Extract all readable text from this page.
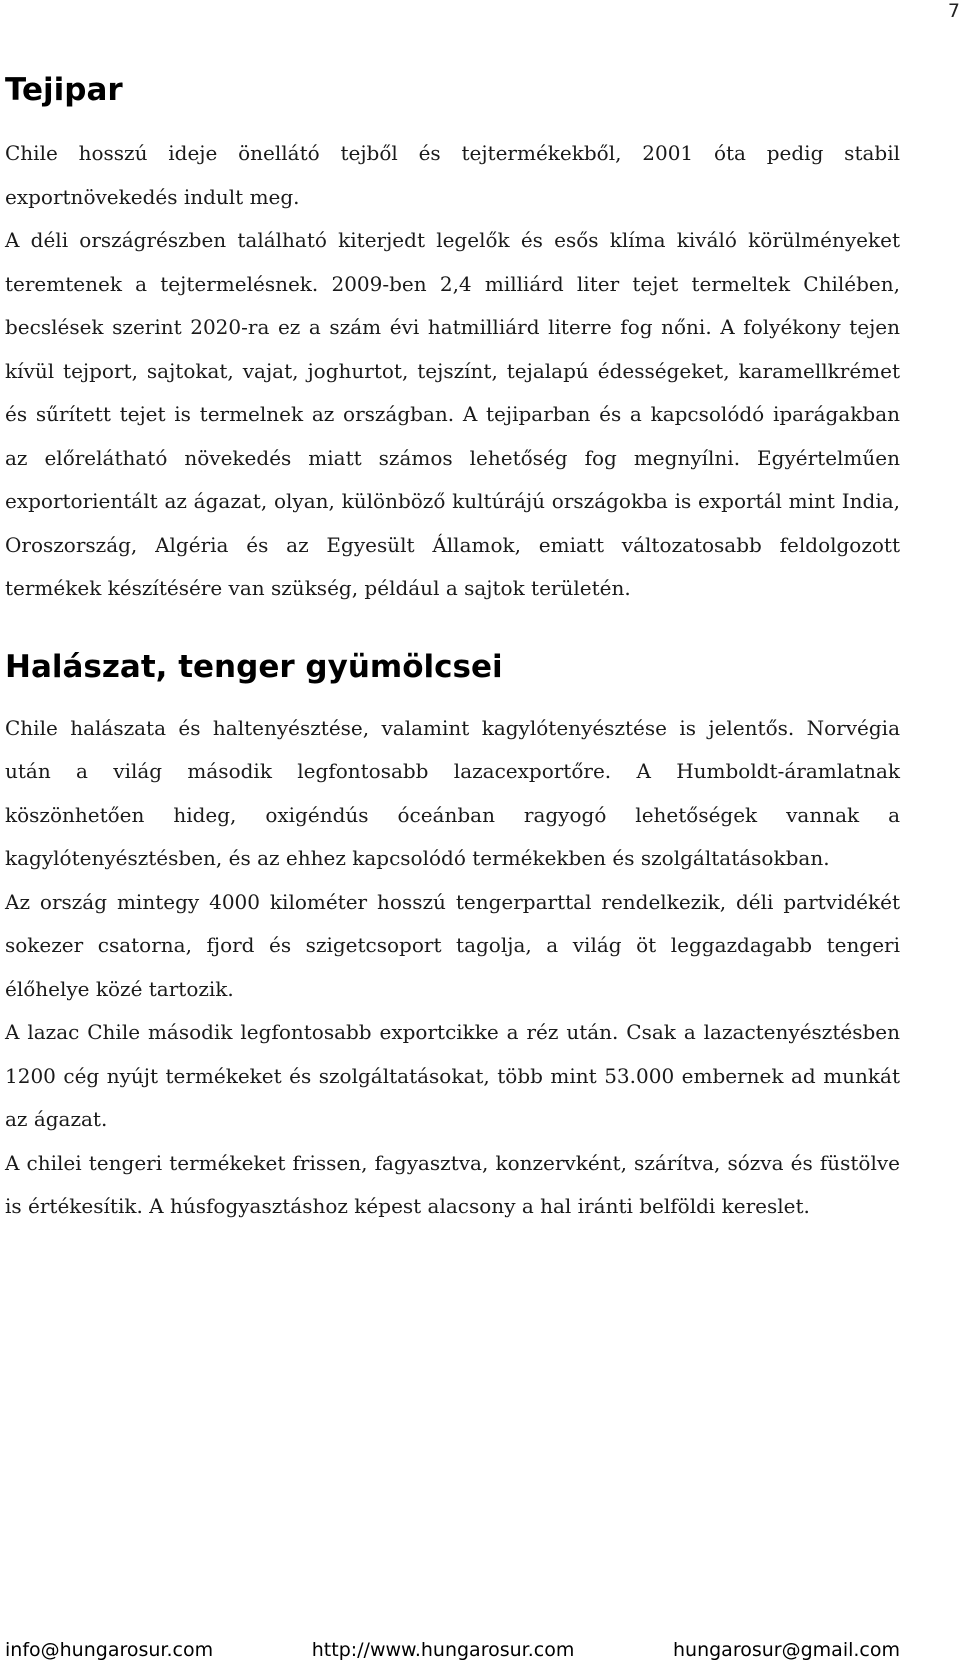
7
Tejipar

Chile hosszú ideje önellátó tejből és tejtermékekből, 2001 óta pedig stabil exportnövekedés indult meg.

A déli országrészben található kiterjedt legelők és esős klíma kiváló körülményeket teremtenek a tejtermelésnek. 2009-ben 2,4 milliárd liter tejet termeltek Chilében, becslések szerint 2020-ra ez a szám évi hatmilliárd literre fog nőni. A folyékony tejen kívül tejport, sajtokat, vajat, joghurtot, tejszínt, tejalapú édességeket, karamellkrémet és sűrített tejet is termelnek az országban. A tejiparban és a kapcsolódó iparágakban az előrelátható növekedés miatt számos lehetőség fog megnyílni. Egyértelműen exportorientált az ágazat, olyan, különböző kultúrájú országokba is exportál mint India, Oroszország, Algéria és az Egyesült Államok, emiatt változatosabb feldolgozott termékek készítésére van szükség, például a sajtok területén.

Halászat, tenger gyümölcsei

Chile halászata és haltenyésztése, valamint kagylótenyésztése is jelentős. Norvégia után a világ második legfontosabb lazacexportőre. A Humboldt-áramlatnak köszönhetően hideg, oxigéndús óceánban ragyogó lehetőségek vannak a kagylótenyésztésben, és az ehhez kapcsolódó termékekben és szolgáltatásokban.

Az ország mintegy 4000 kilométer hosszú tengerparttal rendelkezik, déli partvidékét sokezer csatorna, fjord és szigetcsoport tagolja, a világ öt leggazdagabb tengeri élőhelye közé tartozik.

A lazac Chile második legfontosabb exportcikke a réz után. Csak a lazactenyésztésben 1200 cég nyújt termékeket és szolgáltatásokat, több mint 53.000 embernek ad munkát az ágazat.

A chilei tengeri termékeket frissen, fagyasztva, konzervként, szárítva, sózva és füstölve is értékesítik. A húsfogyasztáshoz képest alacsony a hal iránti belföldi kereslet.

info@hungarosur.com	http://www.hungarosur.com	hungarosur@gmail.com
